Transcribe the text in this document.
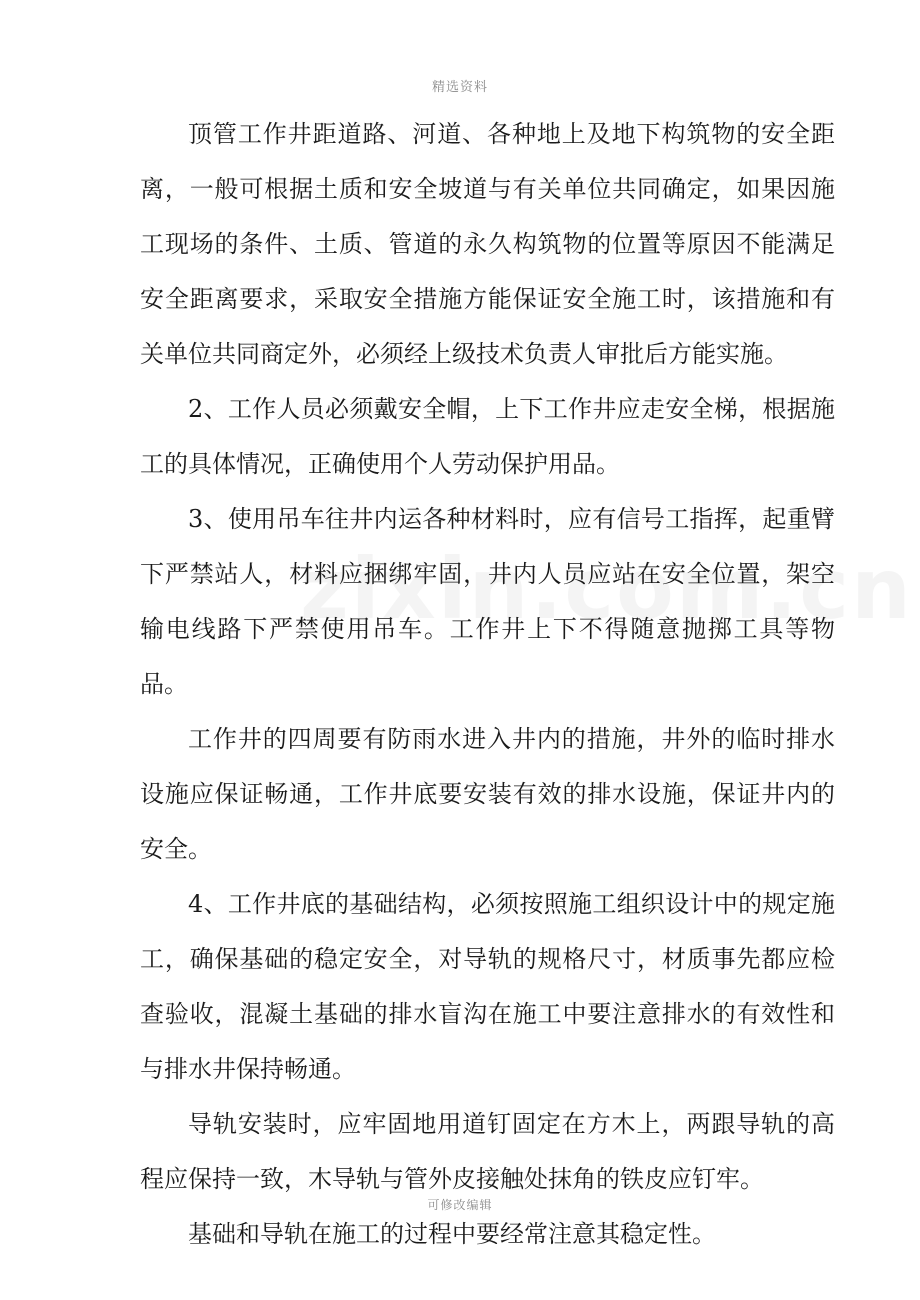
精选资料

顶管工作井距道路、河道、各种地上及地下构筑物的安全距离，一般可根据土质和安全坡道与有关单位共同确定，如果因施工现场的条件、土质、管道的永久构筑物的位置等原因不能满足安全距离要求，采取安全措施方能保证安全施工时，该措施和有关单位共同商定外，必须经上级技术负责人审批后方能实施。

2、工作人员必须戴安全帽，上下工作井应走安全梯，根据施工的具体情况，正确使用个人劳动保护用品。

3、使用吊车往井内运各种材料时，应有信号工指挥，起重臂下严禁站人，材料应捆绑牢固，井内人员应站在安全位置，架空输电线路下严禁使用吊车。工作井上下不得随意抛掷工具等物品。

工作井的四周要有防雨水进入井内的措施，井外的临时排水设施应保证畅通，工作井底要安装有效的排水设施，保证井内的安全。

4、工作井底的基础结构，必须按照施工组织设计中的规定施工，确保基础的稳定安全，对导轨的规格尺寸，材质事先都应检查验收，混凝土基础的排水盲沟在施工中要注意排水的有效性和与排水井保持畅通。

导轨安装时，应牢固地用道钉固定在方木上，两跟导轨的高程应保持一致，木导轨与管外皮接触处抹角的铁皮应钉牢。

基础和导轨在施工的过程中要经常注意其稳定性。

可修改编辑
